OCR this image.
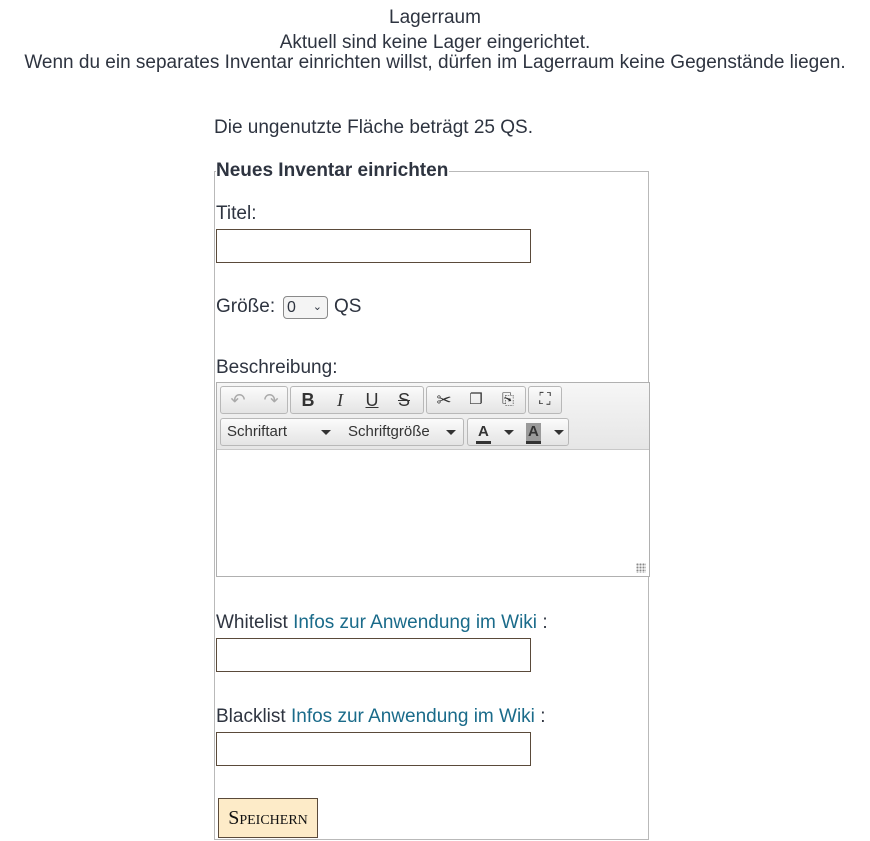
Lagerraum
Aktuell sind keine Lager eingerichtet.
Wenn du ein separates Inventar einrichten willst, dürfen im Lagerraum keine Gegenstände liegen.
Die ungenutzte Fläche beträgt 25 QS.
Neues Inventar einrichten
Titel:
Größe: 0 ⌄ QS
Beschreibung:
↶ ↷	B	I	U	S	✂	❐	⎘	⛶
Schriftart	Schriftgröße	A	A
Whitelist Infos zur Anwendung im Wiki :
Blacklist Infos zur Anwendung im Wiki :
Speichern
